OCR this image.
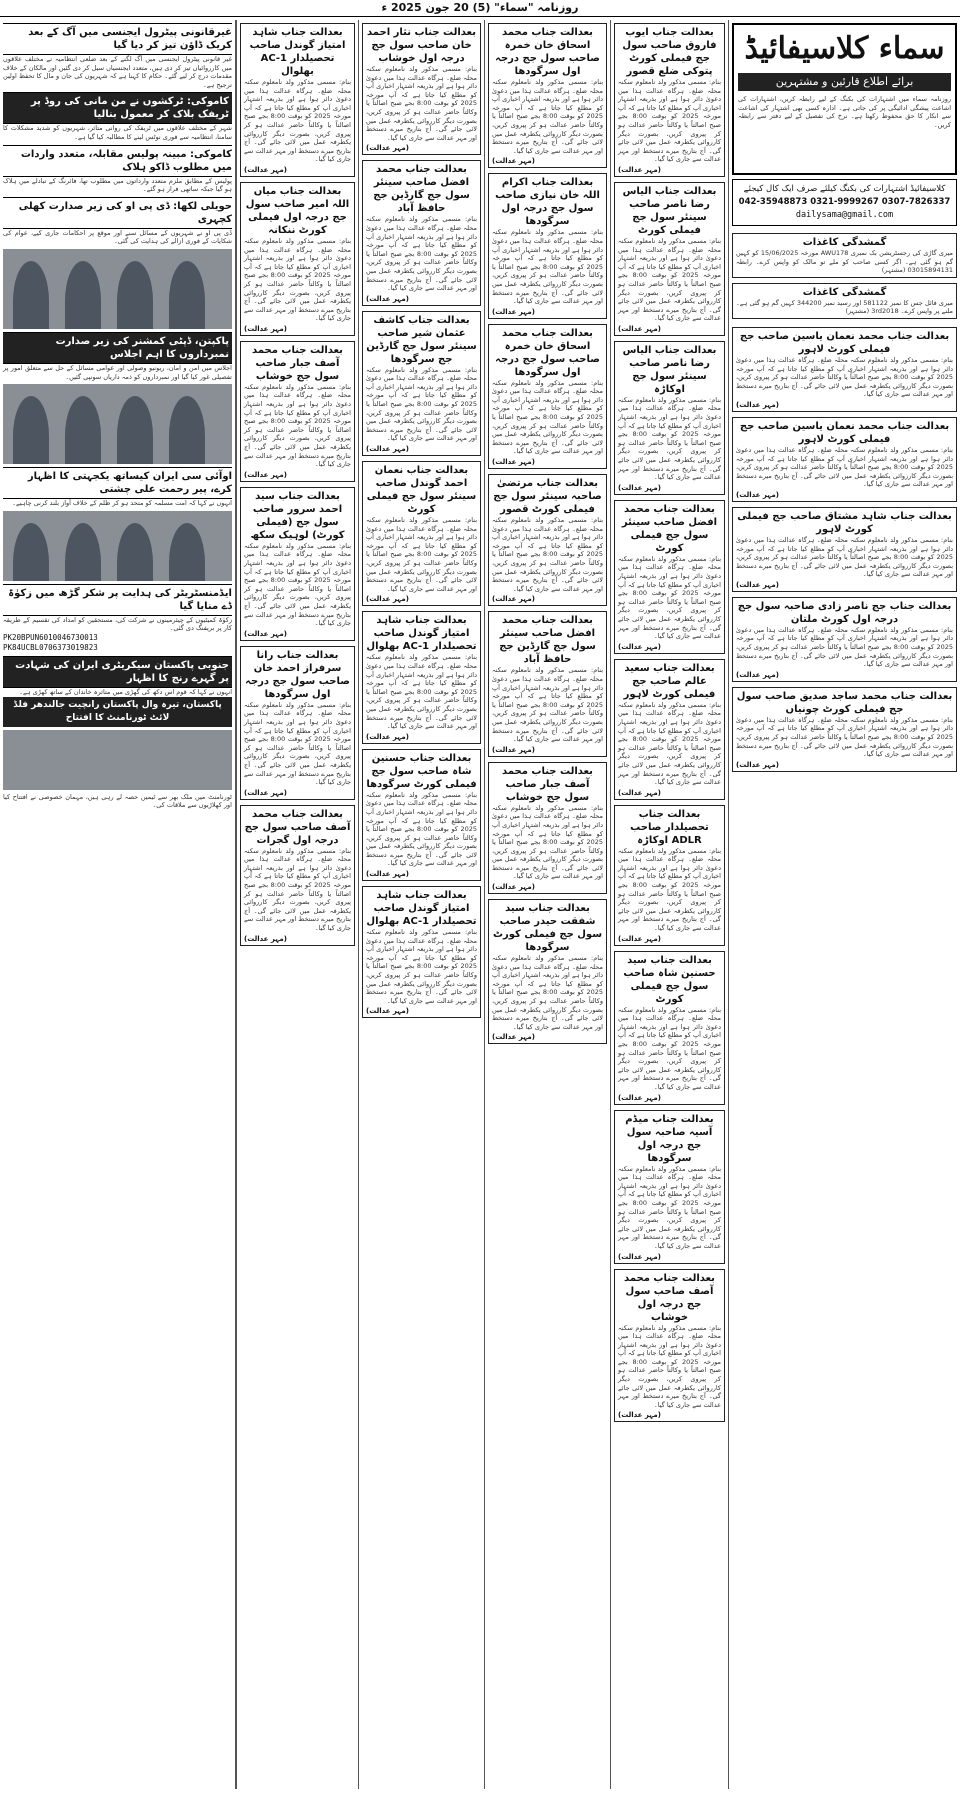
روزنامہ "سماء" (5) 20 جون 2025 ء
سماء کلاسیفائیڈ
برائے اطلاع قارئین و مشتہرین
روزنامہ سماء میں اشتہارات کی بکنگ کے لیے رابطہ کریں، اشتہارات کی اشاعت پیشگی ادائیگی پر کی جاتی ہے۔ ادارہ کسی بھی اشتہار کی اشاعت سے انکار کا حق محفوظ رکھتا ہے۔ نرخ کی تفصیل کے لیے دفتر سے رابطہ کریں۔
کلاسیفائیڈ اشتہارات کی بکنگ کیلئے صرف ایک کال کیجئے
042-35948873 0321-9999267 0307-7826337
dailysama@gmail.com
گمشدگی کاغذات
میری گاڑی کی رجسٹریشن بک نمبری AWU178 مورخہ 15/06/2025 کو کہیں گم ہو گئی ہے۔ اگر کسی صاحب کو ملے تو مالک کو واپس کرے۔ رابطہ 03015894131 (مشتہر)
گمشدگی کاغذات
میری فائل جس کا نمبر 581122 اور رسید نمبر 344200 کہیں گم ہو گئی ہے۔ ملنے پر واپس کرے۔ 3rd2018 (مشتہر)
بعدالت جناب محمد نعمان یاسین صاحب جج فیملی کورٹ لاہور
بنام: مسمی مذکور ولد نامعلوم سکنہ محلہ ضلع۔ ہرگاہ عدالت ہذا میں دعویٰ دائر ہوا ہے اور بذریعہ اشتہار اخباری آپ کو مطلع کیا جاتا ہے کہ آپ مورخہ 2025 کو بوقت 8:00 بجے صبح اصالتاً یا وکالتاً حاضر عدالت ہو کر پیروی کریں، بصورت دیگر کارروائی یکطرفہ عمل میں لائی جائے گی۔ آج بتاریخ میرے دستخط اور مہر عدالت سے جاری کیا گیا۔
(مہر عدالت)
بعدالت جناب محمد نعمان یاسین صاحب جج فیملی کورٹ لاہور
بنام: مسمی مذکور ولد نامعلوم سکنہ محلہ ضلع۔ ہرگاہ عدالت ہذا میں دعویٰ دائر ہوا ہے اور بذریعہ اشتہار اخباری آپ کو مطلع کیا جاتا ہے کہ آپ مورخہ 2025 کو بوقت 8:00 بجے صبح اصالتاً یا وکالتاً حاضر عدالت ہو کر پیروی کریں، بصورت دیگر کارروائی یکطرفہ عمل میں لائی جائے گی۔ آج بتاریخ میرے دستخط اور مہر عدالت سے جاری کیا گیا۔
(مہر عدالت)
بعدالت جناب شاہد مشتاق صاحب جج فیملی کورٹ لاہور
بنام: مسمی مذکور ولد نامعلوم سکنہ محلہ ضلع۔ ہرگاہ عدالت ہذا میں دعویٰ دائر ہوا ہے اور بذریعہ اشتہار اخباری آپ کو مطلع کیا جاتا ہے کہ آپ مورخہ 2025 کو بوقت 8:00 بجے صبح اصالتاً یا وکالتاً حاضر عدالت ہو کر پیروی کریں، بصورت دیگر کارروائی یکطرفہ عمل میں لائی جائے گی۔ آج بتاریخ میرے دستخط اور مہر عدالت سے جاری کیا گیا۔
(مہر عدالت)
بعدالت جناب جج ناصر زادی صاحبہ سول جج درجہ اول کورٹ ملتان
بنام: مسمی مذکور ولد نامعلوم سکنہ محلہ ضلع۔ ہرگاہ عدالت ہذا میں دعویٰ دائر ہوا ہے اور بذریعہ اشتہار اخباری آپ کو مطلع کیا جاتا ہے کہ آپ مورخہ 2025 کو بوقت 8:00 بجے صبح اصالتاً یا وکالتاً حاضر عدالت ہو کر پیروی کریں، بصورت دیگر کارروائی یکطرفہ عمل میں لائی جائے گی۔ آج بتاریخ میرے دستخط اور مہر عدالت سے جاری کیا گیا۔
(مہر عدالت)
بعدالت جناب محمد ساجد صدیق صاحب سول جج فیملی کورٹ چونیاں
بنام: مسمی مذکور ولد نامعلوم سکنہ محلہ ضلع۔ ہرگاہ عدالت ہذا میں دعویٰ دائر ہوا ہے اور بذریعہ اشتہار اخباری آپ کو مطلع کیا جاتا ہے کہ آپ مورخہ 2025 کو بوقت 8:00 بجے صبح اصالتاً یا وکالتاً حاضر عدالت ہو کر پیروی کریں، بصورت دیگر کارروائی یکطرفہ عمل میں لائی جائے گی۔ آج بتاریخ میرے دستخط اور مہر عدالت سے جاری کیا گیا۔
(مہر عدالت)
بعدالت جناب ایوب فاروق صاحب سول جج فیملی کورٹ پتوکی ضلع قصور
بنام: مسمی مذکور ولد نامعلوم سکنہ محلہ ضلع۔ ہرگاہ عدالت ہذا میں دعویٰ دائر ہوا ہے اور بذریعہ اشتہار اخباری آپ کو مطلع کیا جاتا ہے کہ آپ مورخہ 2025 کو بوقت 8:00 بجے صبح اصالتاً یا وکالتاً حاضر عدالت ہو کر پیروی کریں، بصورت دیگر کارروائی یکطرفہ عمل میں لائی جائے گی۔ آج بتاریخ میرے دستخط اور مہر عدالت سے جاری کیا گیا۔
(مہر عدالت)
بعدالت جناب الیاس رضا ناصر صاحب سینئر سول جج فیملی کورٹ
بنام: مسمی مذکور ولد نامعلوم سکنہ محلہ ضلع۔ ہرگاہ عدالت ہذا میں دعویٰ دائر ہوا ہے اور بذریعہ اشتہار اخباری آپ کو مطلع کیا جاتا ہے کہ آپ مورخہ 2025 کو بوقت 8:00 بجے صبح اصالتاً یا وکالتاً حاضر عدالت ہو کر پیروی کریں، بصورت دیگر کارروائی یکطرفہ عمل میں لائی جائے گی۔ آج بتاریخ میرے دستخط اور مہر عدالت سے جاری کیا گیا۔
(مہر عدالت)
بعدالت جناب الیاس رضا ناصر صاحب سینئر سول جج اوکاڑہ
بنام: مسمی مذکور ولد نامعلوم سکنہ محلہ ضلع۔ ہرگاہ عدالت ہذا میں دعویٰ دائر ہوا ہے اور بذریعہ اشتہار اخباری آپ کو مطلع کیا جاتا ہے کہ آپ مورخہ 2025 کو بوقت 8:00 بجے صبح اصالتاً یا وکالتاً حاضر عدالت ہو کر پیروی کریں، بصورت دیگر کارروائی یکطرفہ عمل میں لائی جائے گی۔ آج بتاریخ میرے دستخط اور مہر عدالت سے جاری کیا گیا۔
(مہر عدالت)
بعدالت جناب محمد افضل صاحب سینئر سول جج فیملی کورٹ
بنام: مسمی مذکور ولد نامعلوم سکنہ محلہ ضلع۔ ہرگاہ عدالت ہذا میں دعویٰ دائر ہوا ہے اور بذریعہ اشتہار اخباری آپ کو مطلع کیا جاتا ہے کہ آپ مورخہ 2025 کو بوقت 8:00 بجے صبح اصالتاً یا وکالتاً حاضر عدالت ہو کر پیروی کریں، بصورت دیگر کارروائی یکطرفہ عمل میں لائی جائے گی۔ آج بتاریخ میرے دستخط اور مہر عدالت سے جاری کیا گیا۔
(مہر عدالت)
بعدالت جناب سعید عالم صاحب جج فیملی کورٹ لاہور
بنام: مسمی مذکور ولد نامعلوم سکنہ محلہ ضلع۔ ہرگاہ عدالت ہذا میں دعویٰ دائر ہوا ہے اور بذریعہ اشتہار اخباری آپ کو مطلع کیا جاتا ہے کہ آپ مورخہ 2025 کو بوقت 8:00 بجے صبح اصالتاً یا وکالتاً حاضر عدالت ہو کر پیروی کریں، بصورت دیگر کارروائی یکطرفہ عمل میں لائی جائے گی۔ آج بتاریخ میرے دستخط اور مہر عدالت سے جاری کیا گیا۔
(مہر عدالت)
بعدالت جناب تحصیلدار صاحب ADLR اوکاڑہ
بنام: مسمی مذکور ولد نامعلوم سکنہ محلہ ضلع۔ ہرگاہ عدالت ہذا میں دعویٰ دائر ہوا ہے اور بذریعہ اشتہار اخباری آپ کو مطلع کیا جاتا ہے کہ آپ مورخہ 2025 کو بوقت 8:00 بجے صبح اصالتاً یا وکالتاً حاضر عدالت ہو کر پیروی کریں، بصورت دیگر کارروائی یکطرفہ عمل میں لائی جائے گی۔ آج بتاریخ میرے دستخط اور مہر عدالت سے جاری کیا گیا۔
(مہر عدالت)
بعدالت جناب سید حسنین شاہ صاحب سول جج فیملی کورٹ
بنام: مسمی مذکور ولد نامعلوم سکنہ محلہ ضلع۔ ہرگاہ عدالت ہذا میں دعویٰ دائر ہوا ہے اور بذریعہ اشتہار اخباری آپ کو مطلع کیا جاتا ہے کہ آپ مورخہ 2025 کو بوقت 8:00 بجے صبح اصالتاً یا وکالتاً حاضر عدالت ہو کر پیروی کریں، بصورت دیگر کارروائی یکطرفہ عمل میں لائی جائے گی۔ آج بتاریخ میرے دستخط اور مہر عدالت سے جاری کیا گیا۔
(مہر عدالت)
بعدالت جناب میڈم آسیہ صاحبہ سول جج درجہ اول سرگودھا
بنام: مسمی مذکور ولد نامعلوم سکنہ محلہ ضلع۔ ہرگاہ عدالت ہذا میں دعویٰ دائر ہوا ہے اور بذریعہ اشتہار اخباری آپ کو مطلع کیا جاتا ہے کہ آپ مورخہ 2025 کو بوقت 8:00 بجے صبح اصالتاً یا وکالتاً حاضر عدالت ہو کر پیروی کریں، بصورت دیگر کارروائی یکطرفہ عمل میں لائی جائے گی۔ آج بتاریخ میرے دستخط اور مہر عدالت سے جاری کیا گیا۔
(مہر عدالت)
بعدالت جناب محمد آصف صاحب سول جج درجہ اول خوشاب
بنام: مسمی مذکور ولد نامعلوم سکنہ محلہ ضلع۔ ہرگاہ عدالت ہذا میں دعویٰ دائر ہوا ہے اور بذریعہ اشتہار اخباری آپ کو مطلع کیا جاتا ہے کہ آپ مورخہ 2025 کو بوقت 8:00 بجے صبح اصالتاً یا وکالتاً حاضر عدالت ہو کر پیروی کریں، بصورت دیگر کارروائی یکطرفہ عمل میں لائی جائے گی۔ آج بتاریخ میرے دستخط اور مہر عدالت سے جاری کیا گیا۔
(مہر عدالت)
بعدالت جناب محمد اسحاق خان خمرہ صاحب سول جج درجہ اول سرگودھا
بنام: مسمی مذکور ولد نامعلوم سکنہ محلہ ضلع۔ ہرگاہ عدالت ہذا میں دعویٰ دائر ہوا ہے اور بذریعہ اشتہار اخباری آپ کو مطلع کیا جاتا ہے کہ آپ مورخہ 2025 کو بوقت 8:00 بجے صبح اصالتاً یا وکالتاً حاضر عدالت ہو کر پیروی کریں، بصورت دیگر کارروائی یکطرفہ عمل میں لائی جائے گی۔ آج بتاریخ میرے دستخط اور مہر عدالت سے جاری کیا گیا۔
(مہر عدالت)
بعدالت جناب اکرام اللہ خان نیازی صاحب سول جج درجہ اول سرگودھا
بنام: مسمی مذکور ولد نامعلوم سکنہ محلہ ضلع۔ ہرگاہ عدالت ہذا میں دعویٰ دائر ہوا ہے اور بذریعہ اشتہار اخباری آپ کو مطلع کیا جاتا ہے کہ آپ مورخہ 2025 کو بوقت 8:00 بجے صبح اصالتاً یا وکالتاً حاضر عدالت ہو کر پیروی کریں، بصورت دیگر کارروائی یکطرفہ عمل میں لائی جائے گی۔ آج بتاریخ میرے دستخط اور مہر عدالت سے جاری کیا گیا۔
(مہر عدالت)
بعدالت جناب محمد اسحاق خان خمرہ صاحب سول جج درجہ اول سرگودھا
بنام: مسمی مذکور ولد نامعلوم سکنہ محلہ ضلع۔ ہرگاہ عدالت ہذا میں دعویٰ دائر ہوا ہے اور بذریعہ اشتہار اخباری آپ کو مطلع کیا جاتا ہے کہ آپ مورخہ 2025 کو بوقت 8:00 بجے صبح اصالتاً یا وکالتاً حاضر عدالت ہو کر پیروی کریں، بصورت دیگر کارروائی یکطرفہ عمل میں لائی جائے گی۔ آج بتاریخ میرے دستخط اور مہر عدالت سے جاری کیا گیا۔
(مہر عدالت)
بعدالت جناب مرتضیٰ صاحبہ سینئر سول جج فیملی کورٹ قصور
بنام: مسمی مذکور ولد نامعلوم سکنہ محلہ ضلع۔ ہرگاہ عدالت ہذا میں دعویٰ دائر ہوا ہے اور بذریعہ اشتہار اخباری آپ کو مطلع کیا جاتا ہے کہ آپ مورخہ 2025 کو بوقت 8:00 بجے صبح اصالتاً یا وکالتاً حاضر عدالت ہو کر پیروی کریں، بصورت دیگر کارروائی یکطرفہ عمل میں لائی جائے گی۔ آج بتاریخ میرے دستخط اور مہر عدالت سے جاری کیا گیا۔
(مہر عدالت)
بعدالت جناب محمد افضل صاحب سینئر سول جج گارڈین جج حافظ آباد
بنام: مسمی مذکور ولد نامعلوم سکنہ محلہ ضلع۔ ہرگاہ عدالت ہذا میں دعویٰ دائر ہوا ہے اور بذریعہ اشتہار اخباری آپ کو مطلع کیا جاتا ہے کہ آپ مورخہ 2025 کو بوقت 8:00 بجے صبح اصالتاً یا وکالتاً حاضر عدالت ہو کر پیروی کریں، بصورت دیگر کارروائی یکطرفہ عمل میں لائی جائے گی۔ آج بتاریخ میرے دستخط اور مہر عدالت سے جاری کیا گیا۔
(مہر عدالت)
بعدالت جناب محمد آصف جبار صاحب سول جج خوشاب
بنام: مسمی مذکور ولد نامعلوم سکنہ محلہ ضلع۔ ہرگاہ عدالت ہذا میں دعویٰ دائر ہوا ہے اور بذریعہ اشتہار اخباری آپ کو مطلع کیا جاتا ہے کہ آپ مورخہ 2025 کو بوقت 8:00 بجے صبح اصالتاً یا وکالتاً حاضر عدالت ہو کر پیروی کریں، بصورت دیگر کارروائی یکطرفہ عمل میں لائی جائے گی۔ آج بتاریخ میرے دستخط اور مہر عدالت سے جاری کیا گیا۔
(مہر عدالت)
بعدالت جناب سید شفقت حیدر صاحب سول جج فیملی کورٹ سرگودھا
بنام: مسمی مذکور ولد نامعلوم سکنہ محلہ ضلع۔ ہرگاہ عدالت ہذا میں دعویٰ دائر ہوا ہے اور بذریعہ اشتہار اخباری آپ کو مطلع کیا جاتا ہے کہ آپ مورخہ 2025 کو بوقت 8:00 بجے صبح اصالتاً یا وکالتاً حاضر عدالت ہو کر پیروی کریں، بصورت دیگر کارروائی یکطرفہ عمل میں لائی جائے گی۔ آج بتاریخ میرے دستخط اور مہر عدالت سے جاری کیا گیا۔
(مہر عدالت)
بعدالت جناب نثار احمد خان صاحب سول جج درجہ اول خوشاب
بنام: مسمی مذکور ولد نامعلوم سکنہ محلہ ضلع۔ ہرگاہ عدالت ہذا میں دعویٰ دائر ہوا ہے اور بذریعہ اشتہار اخباری آپ کو مطلع کیا جاتا ہے کہ آپ مورخہ 2025 کو بوقت 8:00 بجے صبح اصالتاً یا وکالتاً حاضر عدالت ہو کر پیروی کریں، بصورت دیگر کارروائی یکطرفہ عمل میں لائی جائے گی۔ آج بتاریخ میرے دستخط اور مہر عدالت سے جاری کیا گیا۔
(مہر عدالت)
بعدالت جناب محمد افضل صاحب سینئر سول جج گارڈین جج حافظ آباد
بنام: مسمی مذکور ولد نامعلوم سکنہ محلہ ضلع۔ ہرگاہ عدالت ہذا میں دعویٰ دائر ہوا ہے اور بذریعہ اشتہار اخباری آپ کو مطلع کیا جاتا ہے کہ آپ مورخہ 2025 کو بوقت 8:00 بجے صبح اصالتاً یا وکالتاً حاضر عدالت ہو کر پیروی کریں، بصورت دیگر کارروائی یکطرفہ عمل میں لائی جائے گی۔ آج بتاریخ میرے دستخط اور مہر عدالت سے جاری کیا گیا۔
(مہر عدالت)
بعدالت جناب کاشف عثمان شیر صاحب سینئر سول جج گارڈین جج سرگودھا
بنام: مسمی مذکور ولد نامعلوم سکنہ محلہ ضلع۔ ہرگاہ عدالت ہذا میں دعویٰ دائر ہوا ہے اور بذریعہ اشتہار اخباری آپ کو مطلع کیا جاتا ہے کہ آپ مورخہ 2025 کو بوقت 8:00 بجے صبح اصالتاً یا وکالتاً حاضر عدالت ہو کر پیروی کریں، بصورت دیگر کارروائی یکطرفہ عمل میں لائی جائے گی۔ آج بتاریخ میرے دستخط اور مہر عدالت سے جاری کیا گیا۔
(مہر عدالت)
بعدالت جناب نعمان احمد گوندل صاحب سینئر سول جج فیملی کورٹ
بنام: مسمی مذکور ولد نامعلوم سکنہ محلہ ضلع۔ ہرگاہ عدالت ہذا میں دعویٰ دائر ہوا ہے اور بذریعہ اشتہار اخباری آپ کو مطلع کیا جاتا ہے کہ آپ مورخہ 2025 کو بوقت 8:00 بجے صبح اصالتاً یا وکالتاً حاضر عدالت ہو کر پیروی کریں، بصورت دیگر کارروائی یکطرفہ عمل میں لائی جائے گی۔ آج بتاریخ میرے دستخط اور مہر عدالت سے جاری کیا گیا۔
(مہر عدالت)
بعدالت جناب شاہد امتیاز گوندل صاحب تحصیلدار AC-1 بھلوال
بنام: مسمی مذکور ولد نامعلوم سکنہ محلہ ضلع۔ ہرگاہ عدالت ہذا میں دعویٰ دائر ہوا ہے اور بذریعہ اشتہار اخباری آپ کو مطلع کیا جاتا ہے کہ آپ مورخہ 2025 کو بوقت 8:00 بجے صبح اصالتاً یا وکالتاً حاضر عدالت ہو کر پیروی کریں، بصورت دیگر کارروائی یکطرفہ عمل میں لائی جائے گی۔ آج بتاریخ میرے دستخط اور مہر عدالت سے جاری کیا گیا۔
(مہر عدالت)
بعدالت جناب حسنین شاہ صاحب سول جج فیملی کورٹ سرگودھا
بنام: مسمی مذکور ولد نامعلوم سکنہ محلہ ضلع۔ ہرگاہ عدالت ہذا میں دعویٰ دائر ہوا ہے اور بذریعہ اشتہار اخباری آپ کو مطلع کیا جاتا ہے کہ آپ مورخہ 2025 کو بوقت 8:00 بجے صبح اصالتاً یا وکالتاً حاضر عدالت ہو کر پیروی کریں، بصورت دیگر کارروائی یکطرفہ عمل میں لائی جائے گی۔ آج بتاریخ میرے دستخط اور مہر عدالت سے جاری کیا گیا۔
(مہر عدالت)
بعدالت جناب شاہد امتیاز گوندل صاحب تحصیلدار AC-1 بھلوال
بنام: مسمی مذکور ولد نامعلوم سکنہ محلہ ضلع۔ ہرگاہ عدالت ہذا میں دعویٰ دائر ہوا ہے اور بذریعہ اشتہار اخباری آپ کو مطلع کیا جاتا ہے کہ آپ مورخہ 2025 کو بوقت 8:00 بجے صبح اصالتاً یا وکالتاً حاضر عدالت ہو کر پیروی کریں، بصورت دیگر کارروائی یکطرفہ عمل میں لائی جائے گی۔ آج بتاریخ میرے دستخط اور مہر عدالت سے جاری کیا گیا۔
(مہر عدالت)
بعدالت جناب شاہد امتیاز گوندل صاحب تحصیلدار AC-1 بھلوال
بنام: مسمی مذکور ولد نامعلوم سکنہ محلہ ضلع۔ ہرگاہ عدالت ہذا میں دعویٰ دائر ہوا ہے اور بذریعہ اشتہار اخباری آپ کو مطلع کیا جاتا ہے کہ آپ مورخہ 2025 کو بوقت 8:00 بجے صبح اصالتاً یا وکالتاً حاضر عدالت ہو کر پیروی کریں، بصورت دیگر کارروائی یکطرفہ عمل میں لائی جائے گی۔ آج بتاریخ میرے دستخط اور مہر عدالت سے جاری کیا گیا۔
(مہر عدالت)
بعدالت جناب میاں اللہ امیر صاحب سول جج درجہ اول فیملی کورٹ ننکانہ
بنام: مسمی مذکور ولد نامعلوم سکنہ محلہ ضلع۔ ہرگاہ عدالت ہذا میں دعویٰ دائر ہوا ہے اور بذریعہ اشتہار اخباری آپ کو مطلع کیا جاتا ہے کہ آپ مورخہ 2025 کو بوقت 8:00 بجے صبح اصالتاً یا وکالتاً حاضر عدالت ہو کر پیروی کریں، بصورت دیگر کارروائی یکطرفہ عمل میں لائی جائے گی۔ آج بتاریخ میرے دستخط اور مہر عدالت سے جاری کیا گیا۔
(مہر عدالت)
بعدالت جناب محمد آصف جبار صاحب سول جج خوشاب
بنام: مسمی مذکور ولد نامعلوم سکنہ محلہ ضلع۔ ہرگاہ عدالت ہذا میں دعویٰ دائر ہوا ہے اور بذریعہ اشتہار اخباری آپ کو مطلع کیا جاتا ہے کہ آپ مورخہ 2025 کو بوقت 8:00 بجے صبح اصالتاً یا وکالتاً حاضر عدالت ہو کر پیروی کریں، بصورت دیگر کارروائی یکطرفہ عمل میں لائی جائے گی۔ آج بتاریخ میرے دستخط اور مہر عدالت سے جاری کیا گیا۔
(مہر عدالت)
بعدالت جناب سید احمد سرور صاحب سول جج (فیملی کورٹ) لوہیک سکھ
بنام: مسمی مذکور ولد نامعلوم سکنہ محلہ ضلع۔ ہرگاہ عدالت ہذا میں دعویٰ دائر ہوا ہے اور بذریعہ اشتہار اخباری آپ کو مطلع کیا جاتا ہے کہ آپ مورخہ 2025 کو بوقت 8:00 بجے صبح اصالتاً یا وکالتاً حاضر عدالت ہو کر پیروی کریں، بصورت دیگر کارروائی یکطرفہ عمل میں لائی جائے گی۔ آج بتاریخ میرے دستخط اور مہر عدالت سے جاری کیا گیا۔
(مہر عدالت)
بعدالت جناب رانا سرفراز احمد خان صاحب سول جج درجہ اول سرگودھا
بنام: مسمی مذکور ولد نامعلوم سکنہ محلہ ضلع۔ ہرگاہ عدالت ہذا میں دعویٰ دائر ہوا ہے اور بذریعہ اشتہار اخباری آپ کو مطلع کیا جاتا ہے کہ آپ مورخہ 2025 کو بوقت 8:00 بجے صبح اصالتاً یا وکالتاً حاضر عدالت ہو کر پیروی کریں، بصورت دیگر کارروائی یکطرفہ عمل میں لائی جائے گی۔ آج بتاریخ میرے دستخط اور مہر عدالت سے جاری کیا گیا۔
(مہر عدالت)
بعدالت جناب محمد آصف صاحب سول جج درجہ اول گجرات
بنام: مسمی مذکور ولد نامعلوم سکنہ محلہ ضلع۔ ہرگاہ عدالت ہذا میں دعویٰ دائر ہوا ہے اور بذریعہ اشتہار اخباری آپ کو مطلع کیا جاتا ہے کہ آپ مورخہ 2025 کو بوقت 8:00 بجے صبح اصالتاً یا وکالتاً حاضر عدالت ہو کر پیروی کریں، بصورت دیگر کارروائی یکطرفہ عمل میں لائی جائے گی۔ آج بتاریخ میرے دستخط اور مہر عدالت سے جاری کیا گیا۔
(مہر عدالت)
غیرقانونی پیٹرول ایجنسی میں آگ کے بعد کریک ڈاؤن تیز کر دیا گیا
غیر قانونی پیٹرول ایجنسی میں آگ لگنے کے بعد ضلعی انتظامیہ نے مختلف علاقوں میں کارروائیاں تیز کر دی ہیں، متعدد ایجنسیاں سیل کر دی گئیں اور مالکان کے خلاف مقدمات درج کر لیے گئے۔ حکام کا کہنا ہے کہ شہریوں کی جان و مال کا تحفظ اولین ترجیح ہے۔
کاموکی: ٹرکشوں نے من مانی کی روڈ پر ٹریفک بلاک کر معمول بنالیا
شہر کے مختلف علاقوں میں ٹریفک کی روانی متاثر، شہریوں کو شدید مشکلات کا سامنا، انتظامیہ سے فوری نوٹس لینے کا مطالبہ کیا گیا ہے۔
کاموکی: مبینہ پولیس مقابلہ، متعدد واردات میں مطلوب ڈاکو ہلاک
پولیس کے مطابق ملزم متعدد وارداتوں میں مطلوب تھا، فائرنگ کے تبادلے میں ہلاک ہو گیا جبکہ ساتھی فرار ہو گئے۔
حویلی لکھا: ڈی پی او کی زیر صدارت کھلی کچہری
ڈی پی او نے شہریوں کے مسائل سنے اور موقع پر احکامات جاری کیے، عوام کی شکایات کے فوری ازالے کی ہدایت کی گئی۔
پاکپتن، ڈپٹی کمشنر کی زیر صدارت نمبرداروں کا اہم اجلاس
اجلاس میں امن و امان، ریونیو وصولی اور عوامی مسائل کے حل سے متعلق امور پر تفصیلی غور کیا گیا اور نمبرداروں کو ذمہ داریاں سونپی گئیں۔
اوآئی سی ایران کیساتھ یکجہتی کا اظہار کرے، پیر رحمت علی چشتی
انہوں نے کہا کہ امت مسلمہ کو متحد ہو کر ظلم کے خلاف آواز بلند کرنی چاہیے۔
ایڈمنسٹریٹر کی ہدایت پر شکر گڑھ میں زکوٰۃ ڈے منایا گیا
زکوٰۃ کمیٹیوں کے چیئرمینوں نے شرکت کی، مستحقین کو امداد کی تقسیم کے طریقہ کار پر بریفنگ دی گئی۔
PK20BPUN6010046730013
PK84UCBL0706373019823
جنوبی پاکستان سیکریٹری ایران کی شہادت پر گہرے رنج کا اظہار
انہوں نے کہا کہ قوم اس دکھ کی گھڑی میں متاثرہ خاندان کے ساتھ کھڑی ہے۔
پاکستان، تیرہ وال پاکستان رانچیت جالندھر فلڈ لائٹ ٹورنامنٹ کا افتتاح
ٹورنامنٹ میں ملک بھر سے ٹیمیں حصہ لے رہی ہیں، مہمان خصوصی نے افتتاح کیا اور کھلاڑیوں سے ملاقات کی۔
